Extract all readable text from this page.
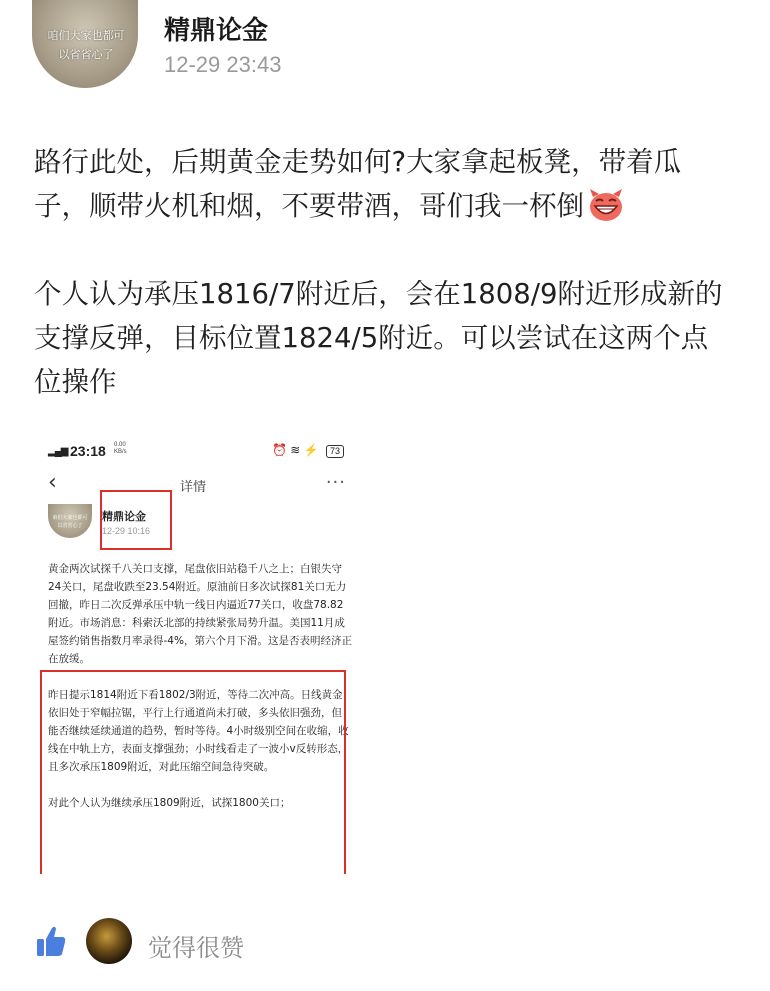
咱们大家也都可
以省省心了
精鼎论金
12-29 23:43
路行此处，后期黄金走势如何?大家拿起板凳，带着瓜子，顺带火机和烟，不要带酒，哥们我一杯倒
个人认为承压1816/7附近后，会在1808/9附近形成新的支撑反弹，目标位置1824/5附近。可以尝试在这两个点位操作
▂▄▆ 23:18 0.00
KB/s	⏰ ≋ ⚡ 73
‹	详情	···
咱们大家也都可
以省省心了
精鼎论金
12-29 10:16

黄金两次试探千八关口支撑，尾盘依旧站稳千八之上；白银失守24关口，尾盘收跌至23.54附近。原油前日多次试探81关口无力回撤，昨日二次反弹承压中轨一线日内逼近77关口，收盘78.82附近。市场消息：科索沃北部的持续紧张局势升温。美国11月成屋签约销售指数月率录得-4%，第六个月下滑。这是否表明经济正在放缓。

昨日提示1814附近下看1802/3附近，等待二次冲高。日线黄金依旧处于窄幅拉锯，平行上行通道尚未打破，多头依旧强劲，但能否继续延续通道的趋势，暂时等待。4小时级别空间在收缩，收线在中轨上方，表面支撑强劲；小时线看走了一波小v反转形态，且多次承压1809附近，对此压缩空间急待突破。

对此个人认为继续承压1809附近，试探1800关口；

觉得很赞
